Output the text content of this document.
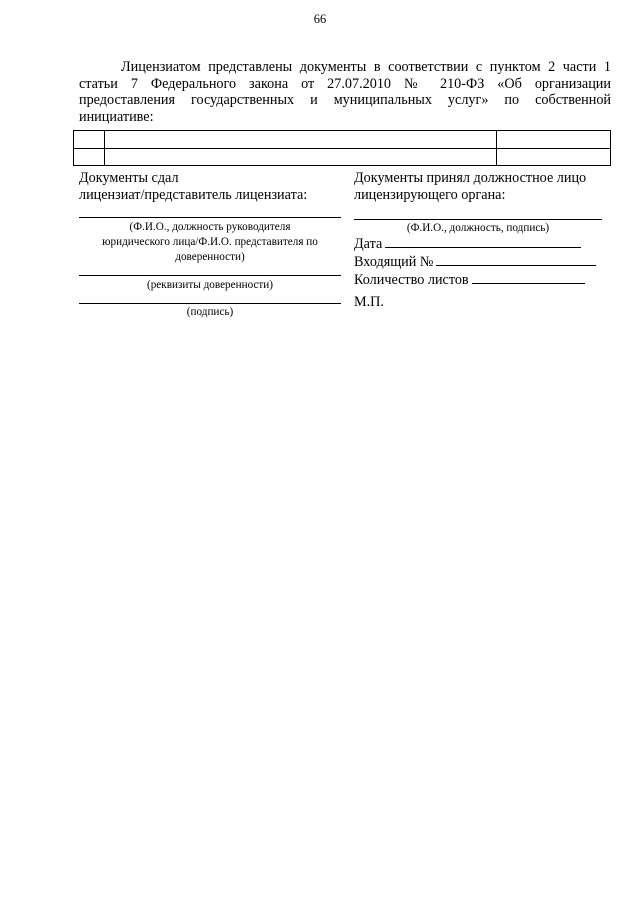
66

Лицензиатом представлены документы в соответствии с пунктом 2 части 1 статьи 7 Федерального закона от 27.07.2010 № 210-ФЗ «Об организации предоставления государственных и муниципальных услуг» по собственной инициативе:

Документы сдал
лицензиат/представитель лицензиата:
(Ф.И.О., должность руководителя
юридического лица/Ф.И.О. представителя по
доверенности)
(реквизиты доверенности)
(подпись)
Документы принял должностное лицо
лицензирующего органа:
(Ф.И.О., должность, подпись)
Дата
Входящий №
Количество листов
М.П.
